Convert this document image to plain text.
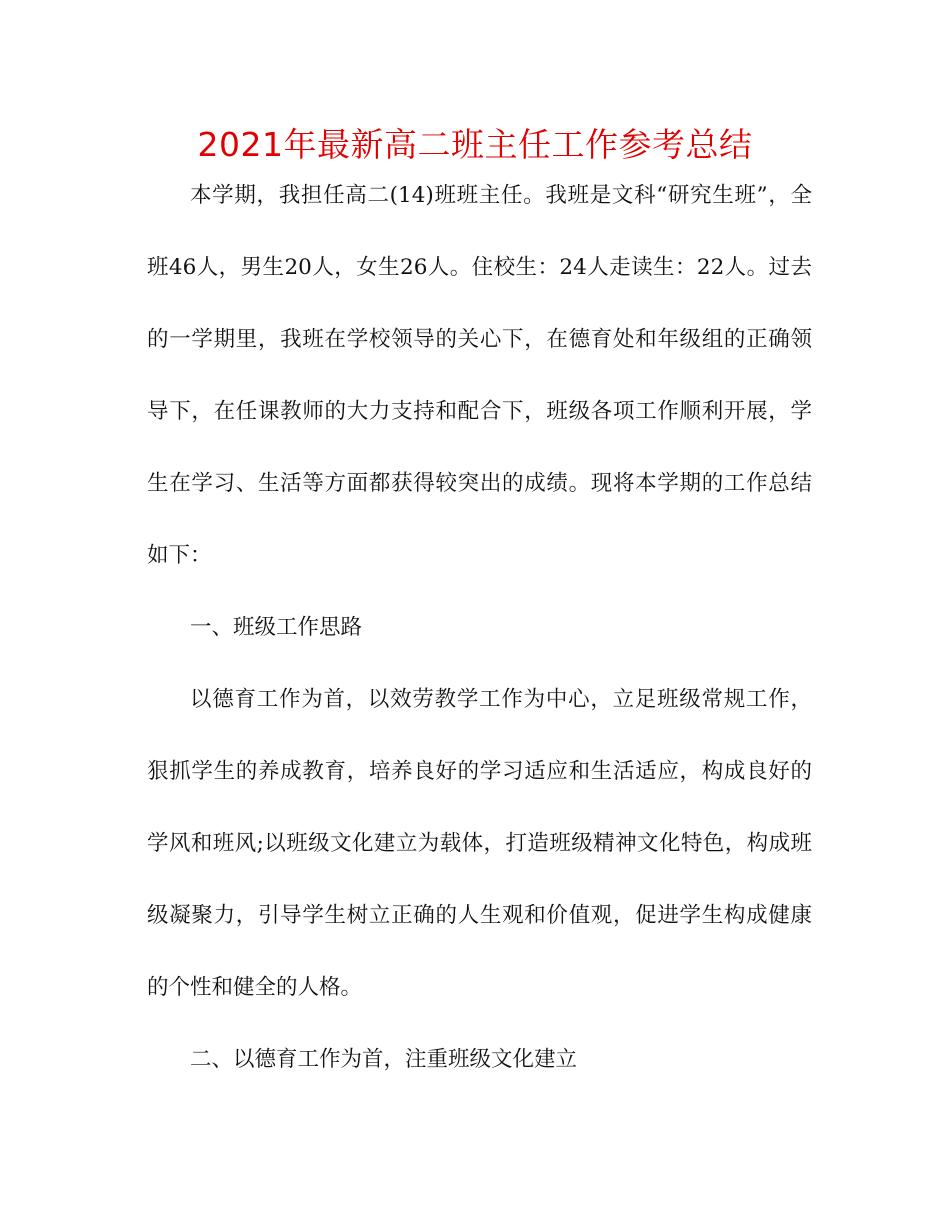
2021年最新高二班主任工作参考总结

本学期，我担任高二(14)班班主任。我班是文科“研究生班”，全班46人，男生20人，女生26人。住校生：24人走读生：22人。过去的一学期里，我班在学校领导的关心下，在德育处和年级组的正确领导下，在任课教师的大力支持和配合下，班级各项工作顺利开展，学生在学习、生活等方面都获得较突出的成绩。现将本学期的工作总结如下：

一、班级工作思路

以德育工作为首，以效劳教学工作为中心，立足班级常规工作，狠抓学生的养成教育，培养良好的学习适应和生活适应，构成良好的学风和班风;以班级文化建立为载体，打造班级精神文化特色，构成班级凝聚力，引导学生树立正确的人生观和价值观，促进学生构成健康的个性和健全的人格。

二、以德育工作为首，注重班级文化建立
